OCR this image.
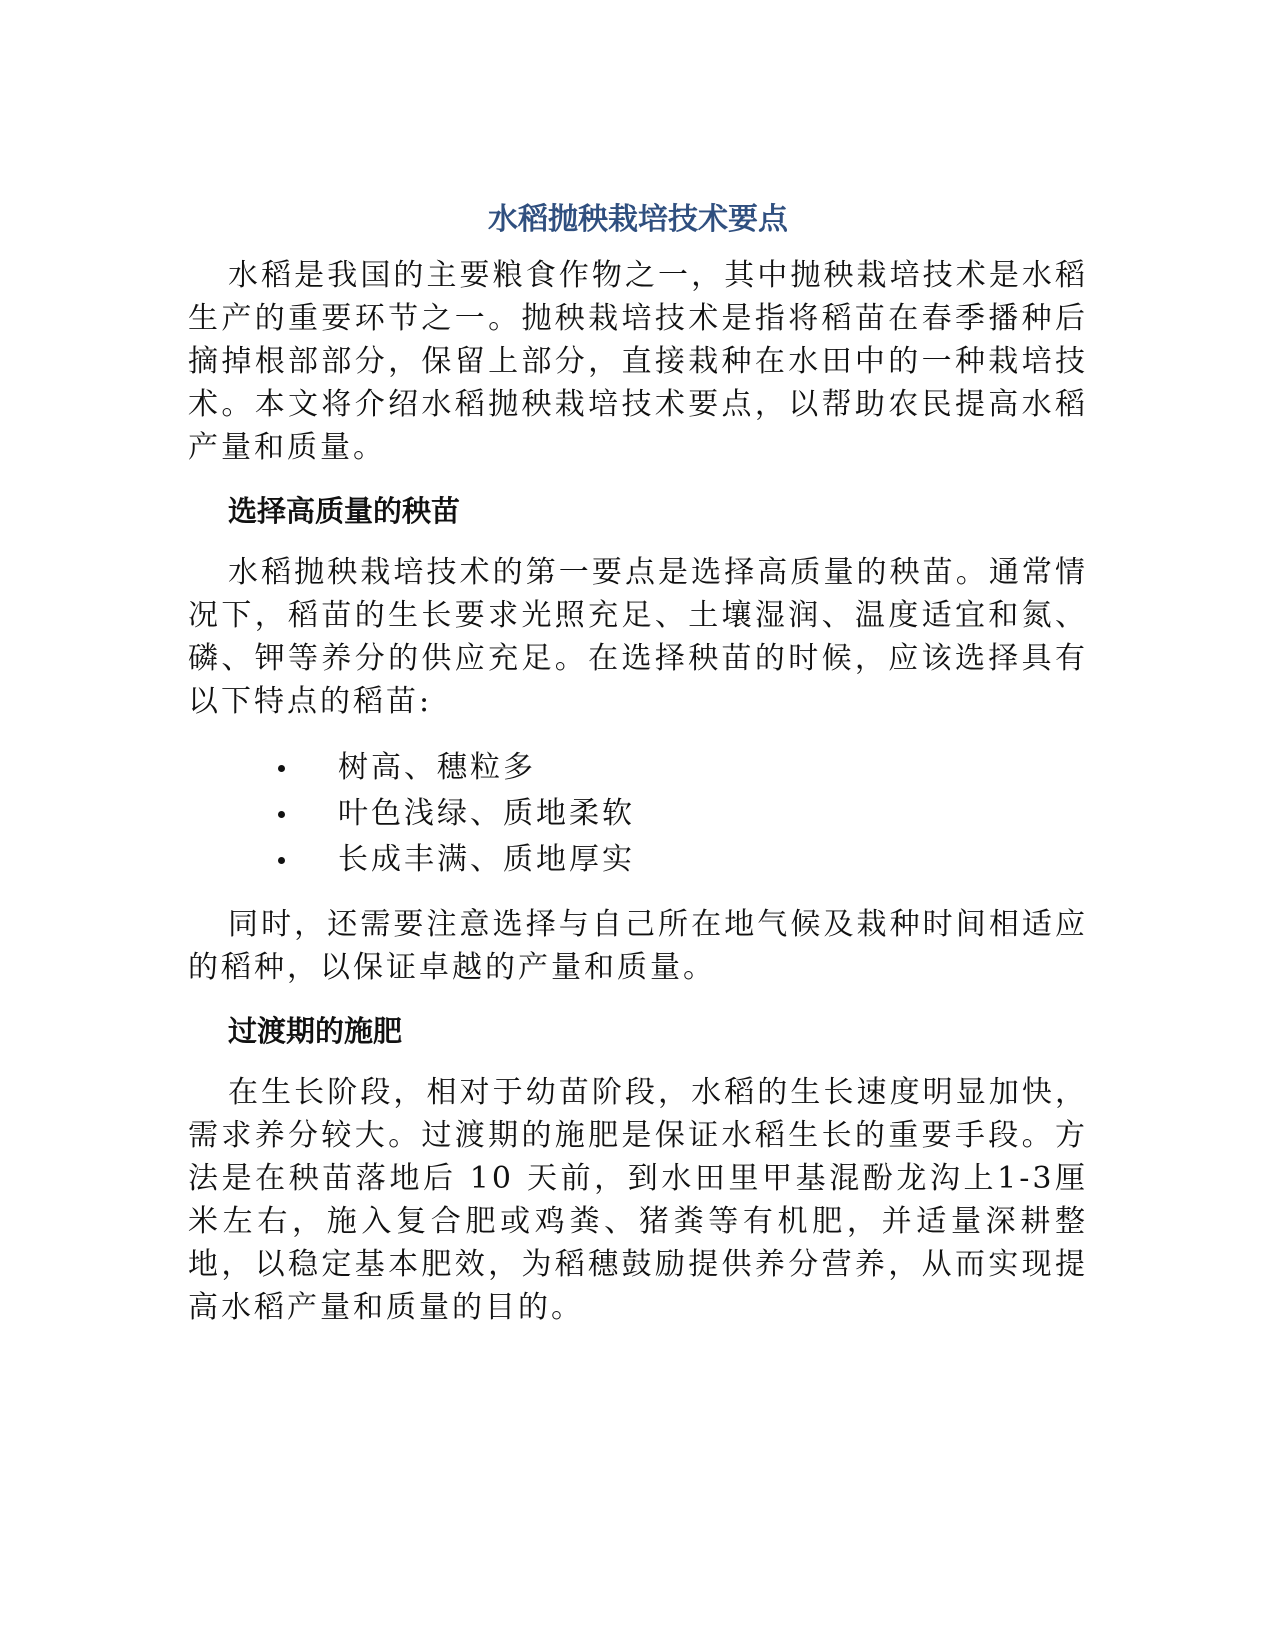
水稻抛秧栽培技术要点

水稻是我国的主要粮食作物之一，其中抛秧栽培技术是水稻生产的重要环节之一。抛秧栽培技术是指将稻苗在春季播种后摘掉根部部分，保留上部分，直接栽种在水田中的一种栽培技术。本文将介绍水稻抛秧栽培技术要点，以帮助农民提高水稻产量和质量。

选择高质量的秧苗

水稻抛秧栽培技术的第一要点是选择高质量的秧苗。通常情况下，稻苗的生长要求光照充足、土壤湿润、温度适宜和氮、磷、钾等养分的供应充足。在选择秧苗的时候，应该选择具有以下特点的稻苗:

树高、穗粒多
叶色浅绿、质地柔软
长成丰满、质地厚实

同时，还需要注意选择与自己所在地气候及栽种时间相适应的稻种，以保证卓越的产量和质量。

过渡期的施肥

在生长阶段，相对于幼苗阶段，水稻的生长速度明显加快，需求养分较大。过渡期的施肥是保证水稻生长的重要手段。方法是在秧苗落地后 10 天前，到水田里甲基混酚龙沟上1-3厘米左右，施入复合肥或鸡粪、猪粪等有机肥，并适量深耕整地，以稳定基本肥效，为稻穗鼓励提供养分营养，从而实现提高水稻产量和质量的目的。
